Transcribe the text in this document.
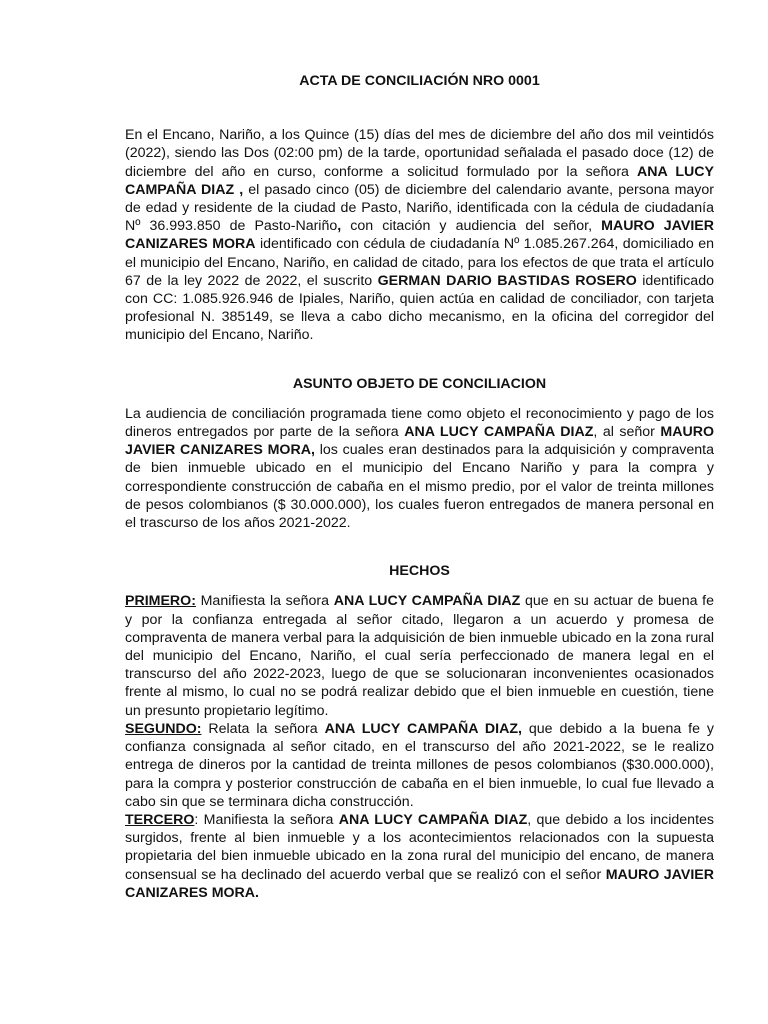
ACTA DE CONCILIACIÓN NRO 0001

En el Encano, Nariño, a los Quince (15) días del mes de diciembre del año dos mil veintidós (2022), siendo las Dos (02:00 pm) de la tarde, oportunidad señalada el pasado doce (12) de diciembre del año en curso, conforme a solicitud formulado por la señora ANA LUCY CAMPAÑA DIAZ , el pasado cinco (05) de diciembre del calendario avante, persona mayor de edad y residente de la ciudad de Pasto, Nariño, identificada con la cédula de ciudadanía Nº 36.993.850 de Pasto-Nariño, con citación y audiencia del señor, MAURO JAVIER CANIZARES MORA identificado con cédula de ciudadanía Nº 1.085.267.264, domiciliado en el municipio del Encano, Nariño, en calidad de citado, para los efectos de que trata el artículo 67 de la ley 2022 de 2022, el suscrito GERMAN DARIO BASTIDAS ROSERO identificado con CC: 1.085.926.946 de Ipiales, Nariño, quien actúa en calidad de conciliador, con tarjeta profesional N. 385149, se lleva a cabo dicho mecanismo, en la oficina del corregidor del municipio del Encano, Nariño.

ASUNTO OBJETO DE CONCILIACION

La audiencia de conciliación programada tiene como objeto el reconocimiento y pago de los dineros entregados por parte de la señora ANA LUCY CAMPAÑA DIAZ, al señor MAURO JAVIER CANIZARES MORA, los cuales eran destinados para la adquisición y compraventa de bien inmueble ubicado en el municipio del Encano Nariño y para la compra y correspondiente construcción de cabaña en el mismo predio, por el valor de treinta millones de pesos colombianos ($ 30.000.000), los cuales fueron entregados de manera personal en el trascurso de los años 2021-2022.

HECHOS

PRIMERO: Manifiesta la señora ANA LUCY CAMPAÑA DIAZ que en su actuar de buena fe y por la confianza entregada al señor citado, llegaron a un acuerdo y promesa de compraventa de manera verbal para la adquisición de bien inmueble ubicado en la zona rural del municipio del Encano, Nariño, el cual sería perfeccionado de manera legal en el transcurso del año 2022-2023, luego de que se solucionaran inconvenientes ocasionados frente al mismo, lo cual no se podrá realizar debido que el bien inmueble en cuestión, tiene un presunto propietario legítimo.

SEGUNDO: Relata la señora ANA LUCY CAMPAÑA DIAZ, que debido a la buena fe y confianza consignada al señor citado, en el transcurso del año 2021-2022, se le realizo entrega de dineros por la cantidad de treinta millones de pesos colombianos ($30.000.000), para la compra y posterior construcción de cabaña en el bien inmueble, lo cual fue llevado a cabo sin que se terminara dicha construcción.

TERCERO: Manifiesta la señora ANA LUCY CAMPAÑA DIAZ, que debido a los incidentes surgidos, frente al bien inmueble y a los acontecimientos relacionados con la supuesta propietaria del bien inmueble ubicado en la zona rural del municipio del encano, de manera consensual se ha declinado del acuerdo verbal que se realizó con el señor MAURO JAVIER CANIZARES MORA.
